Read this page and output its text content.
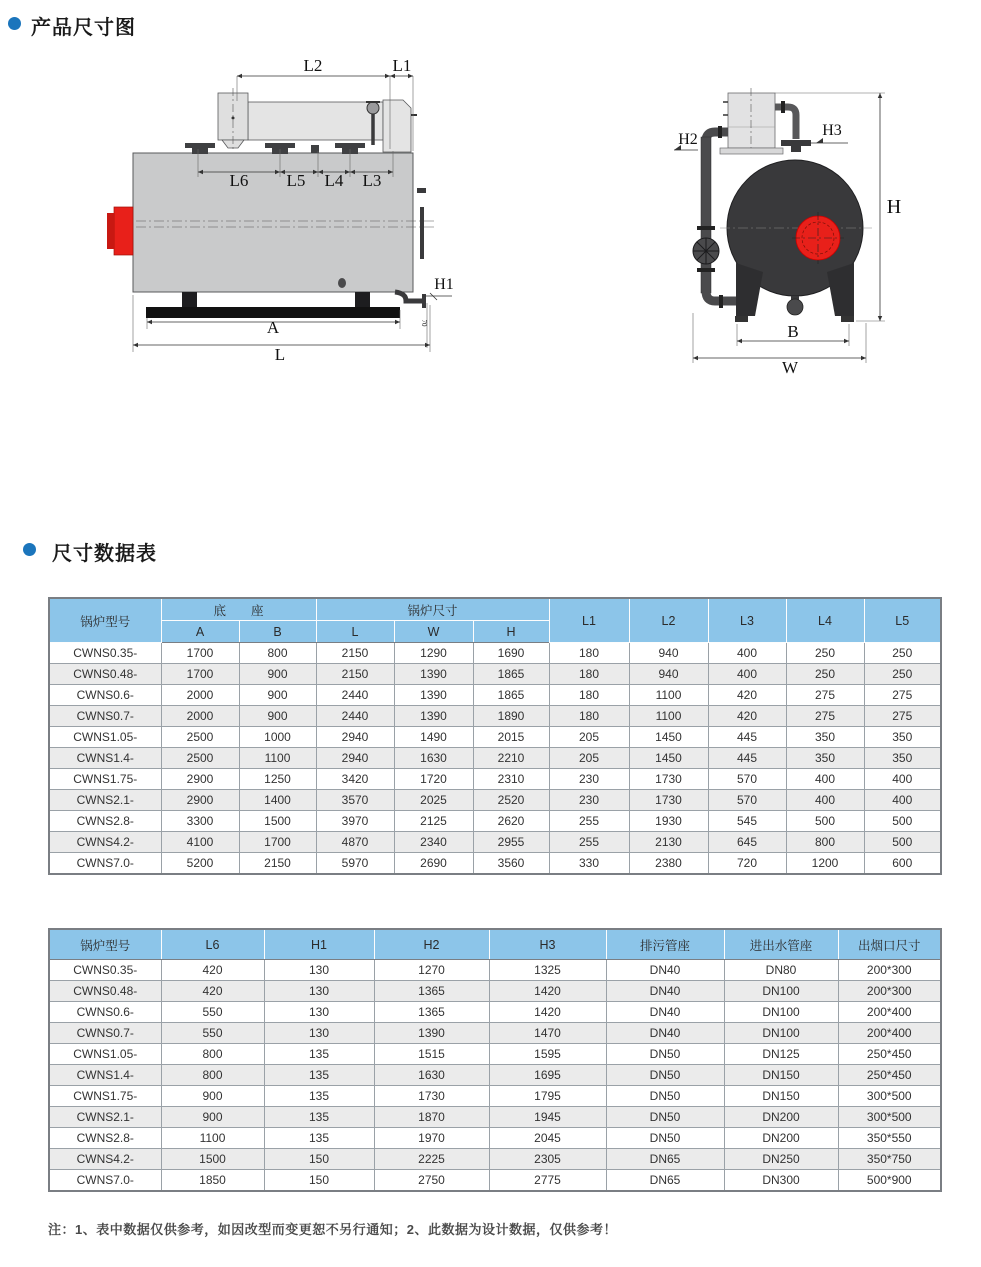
产品尺寸图
L2	L1
L6 L5 L4 L3
H1
A
L
70
H2
H3
H
B
W
尺寸数据表
锅炉型号	底　　座		锅炉尺寸			L1	L2	L3	L4	L5
	A	B	L	W	H					
CWNS0.35-	1700	800	2150	1290	1690	180	940	400	250	250
CWNS0.48-	1700	900	2150	1390	1865	180	940	400	250	250
CWNS0.6-	2000	900	2440	1390	1865	180	1100	420	275	275
CWNS0.7-	2000	900	2440	1390	1890	180	1100	420	275	275
CWNS1.05-	2500	1000	2940	1490	2015	205	1450	445	350	350
CWNS1.4-	2500	1100	2940	1630	2210	205	1450	445	350	350
CWNS1.75-	2900	1250	3420	1720	2310	230	1730	570	400	400
CWNS2.1-	2900	1400	3570	2025	2520	230	1730	570	400	400
CWNS2.8-	3300	1500	3970	2125	2620	255	1930	545	500	500
CWNS4.2-	4100	1700	4870	2340	2955	255	2130	645	800	500
CWNS7.0-	5200	2150	5970	2690	3560	330	2380	720	1200	600
锅炉型号	L6	H1	H2	H3	排污管座	进出水管座	出烟口尺寸
CWNS0.35-	420	130	1270	1325	DN40	DN80	200*300
CWNS0.48-	420	130	1365	1420	DN40	DN100	200*300
CWNS0.6-	550	130	1365	1420	DN40	DN100	200*400
CWNS0.7-	550	130	1390	1470	DN40	DN100	200*400
CWNS1.05-	800	135	1515	1595	DN50	DN125	250*450
CWNS1.4-	800	135	1630	1695	DN50	DN150	250*450
CWNS1.75-	900	135	1730	1795	DN50	DN150	300*500
CWNS2.1-	900	135	1870	1945	DN50	DN200	300*500
CWNS2.8-	1100	135	1970	2045	DN50	DN200	350*550
CWNS4.2-	1500	150	2225	2305	DN65	DN250	350*750
CWNS7.0-	1850	150	2750	2775	DN65	DN300	500*900
注：1、表中数据仅供参考，如因改型而变更恕不另行通知；2、此数据为设计数据，仅供参考！
